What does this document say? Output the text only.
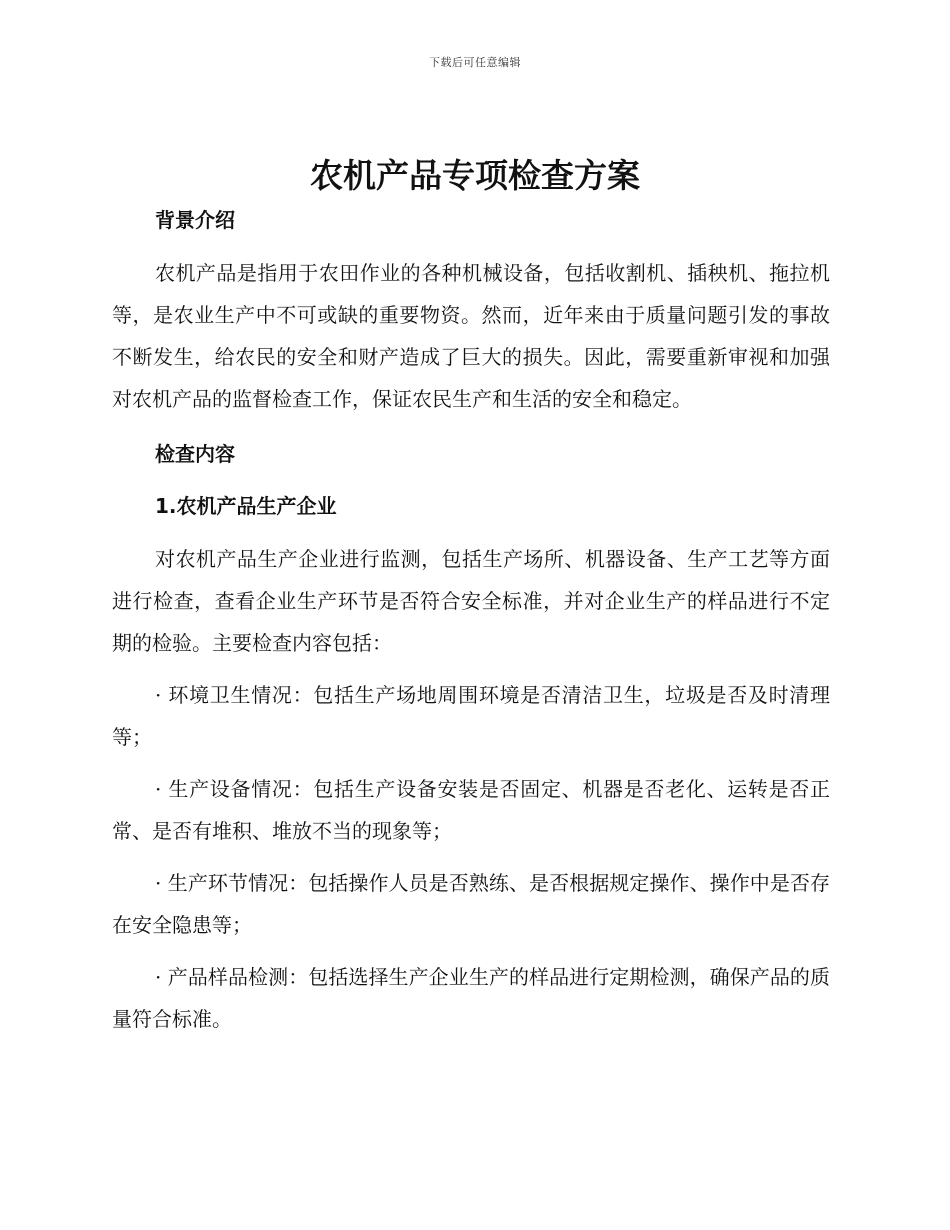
下载后可任意编辑
农机产品专项检查方案
背景介绍

农机产品是指用于农田作业的各种机械设备，包括收割机、插秧机、拖拉机等，是农业生产中不可或缺的重要物资。然而，近年来由于质量问题引发的事故不断发生，给农民的安全和财产造成了巨大的损失。因此，需要重新审视和加强对农机产品的监督检查工作，保证农民生产和生活的安全和稳定。

检查内容
1.农机产品生产企业

对农机产品生产企业进行监测，包括生产场所、机器设备、生产工艺等方面进行检查，查看企业生产环节是否符合安全标准，并对企业生产的样品进行不定期的检验。主要检查内容包括：

· 环境卫生情况：包括生产场地周围环境是否清洁卫生，垃圾是否及时清理等；

· 生产设备情况：包括生产设备安装是否固定、机器是否老化、运转是否正常、是否有堆积、堆放不当的现象等；

· 生产环节情况：包括操作人员是否熟练、是否根据规定操作、操作中是否存在安全隐患等；

· 产品样品检测：包括选择生产企业生产的样品进行定期检测，确保产品的质量符合标准。
